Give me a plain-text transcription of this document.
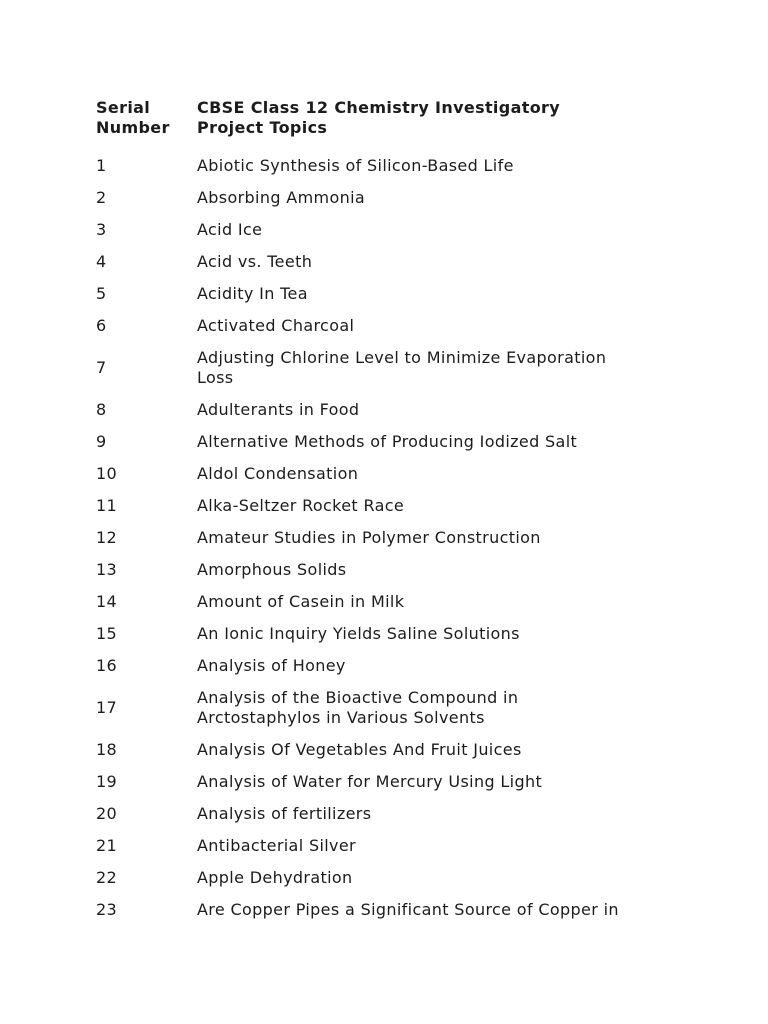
Serial
Number	CBSE Class 12 Chemistry Investigatory
Project Topics

1	Abiotic Synthesis of Silicon-Based Life
2	Absorbing Ammonia
3	Acid Ice
4	Acid vs. Teeth
5	Acidity In Tea
6	Activated Charcoal
7	Adjusting Chlorine Level to Minimize Evaporation
Loss

8	Adulterants in Food
9	Alternative Methods of Producing Iodized Salt
10	Aldol Condensation
11	Alka-Seltzer Rocket Race
12	Amateur Studies in Polymer Construction
13	Amorphous Solids
14	Amount of Casein in Milk
15	An Ionic Inquiry Yields Saline Solutions
16	Analysis of Honey
17	Analysis of the Bioactive Compound in
Arctostaphylos in Various Solvents

18	Analysis Of Vegetables And Fruit Juices
19	Analysis of Water for Mercury Using Light
20	Analysis of fertilizers
21	Antibacterial Silver
22	Apple Dehydration
23	Are Copper Pipes a Significant Source of Copper in
